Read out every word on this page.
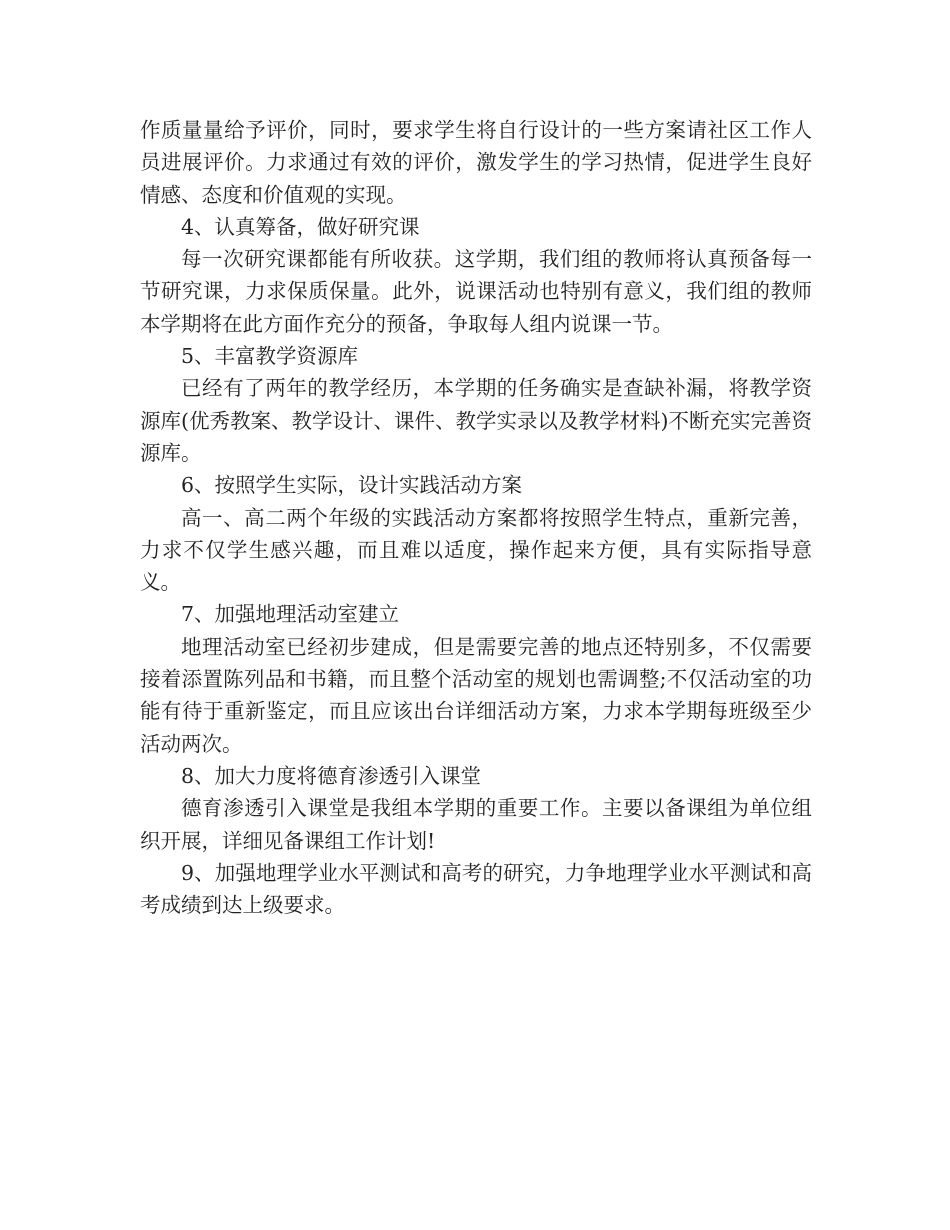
作质量量给予评价，同时，要求学生将自行设计的一些方案请社区工作人员进展评价。力求通过有效的评价，激发学生的学习热情，促进学生良好情感、态度和价值观的实现。

4、认真筹备，做好研究课

每一次研究课都能有所收获。这学期，我们组的教师将认真预备每一节研究课，力求保质保量。此外，说课活动也特别有意义，我们组的教师本学期将在此方面作充分的预备，争取每人组内说课一节。

5、丰富教学资源库

已经有了两年的教学经历，本学期的任务确实是查缺补漏，将教学资源库(优秀教案、教学设计、课件、教学实录以及教学材料)不断充实完善资源库。

6、按照学生实际，设计实践活动方案

高一、高二两个年级的实践活动方案都将按照学生特点，重新完善，力求不仅学生感兴趣，而且难以适度，操作起来方便，具有实际指导意义。

7、加强地理活动室建立

地理活动室已经初步建成，但是需要完善的地点还特别多，不仅需要接着添置陈列品和书籍，而且整个活动室的规划也需调整;不仅活动室的功能有待于重新鉴定，而且应该出台详细活动方案，力求本学期每班级至少活动两次。

8、加大力度将德育渗透引入课堂

德育渗透引入课堂是我组本学期的重要工作。主要以备课组为单位组织开展，详细见备课组工作计划!

9、加强地理学业水平测试和高考的研究，力争地理学业水平测试和高考成绩到达上级要求。
